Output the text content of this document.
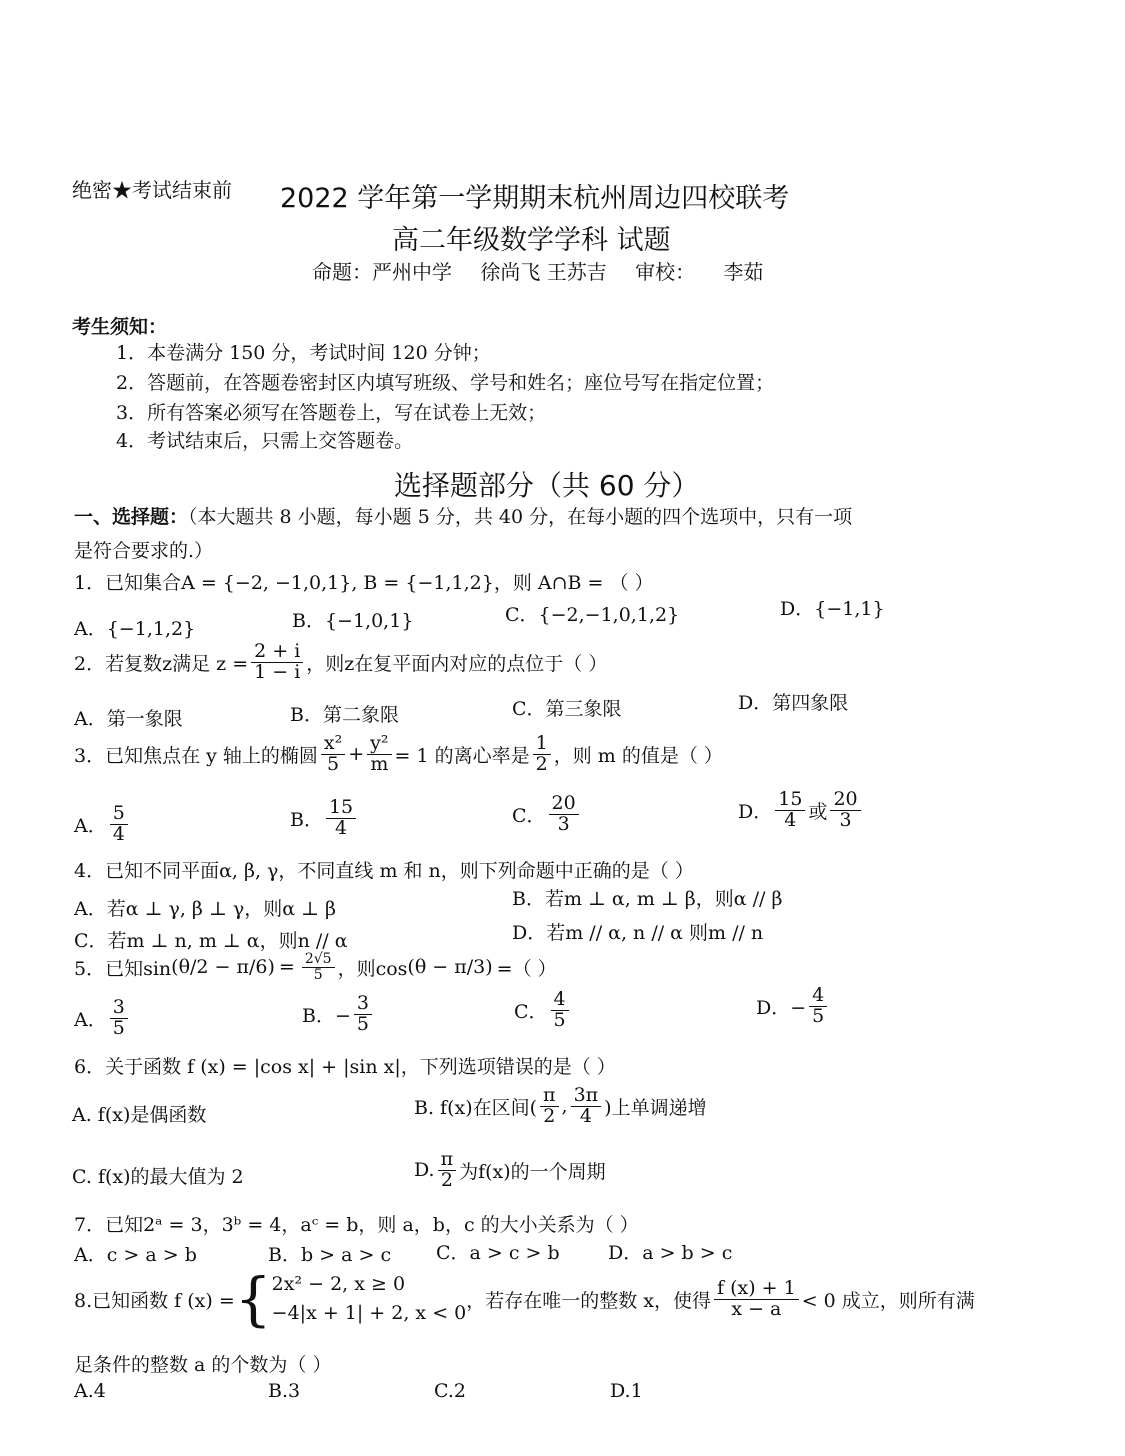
绝密★考试结束前 2022 学年第一学期期末杭州周边四校联考
高二年级数学学科 试题
命题：严州中学 徐尚飞 王苏吉 审校： 李茹
考生须知：
1．本卷满分 150 分，考试时间 120 分钟；
2．答题前，在答题卷密封区内填写班级、学号和姓名；座位号写在指定位置；
3．所有答案必须写在答题卷上，写在试卷上无效；
4．考试结束后，只需上交答题卷。
选择题部分（共 60 分）
一、选择题：（本大题共 8 小题，每小题 5 分，共 40 分，在每小题的四个选项中，只有一项
是符合要求的.）
1．已知集合A = {−2, −1,0,1}, B = {−1,1,2}，则 A∩B = （ ）
A．{−1,1,2}	B．{−1,0,1}	C．{−2,−1,0,1,2}	D．{−1,1}
2．若复数z满足 $z = \frac{2 + i}{1 - i}$ ，则z在复平面内对应的点位于（ ）
A．第一象限	B．第二象限	C．第三象限	D．第四象限
3．已知焦点在 y 轴上的椭圆 $\frac{\text{x²}}{5} + \frac{\text{y²}}{m} = 1$ 的离心率是 $\frac{1}{2}$ ，则 m 的值是（ ）
A． $\frac{5}{4}$	B． $\frac{15}{4}$	C． $\frac{20}{3}$	D． $\frac{15}{4}$ 或 $\frac{20}{3}$
4．已知不同平面α, β, γ，不同直线 m 和 n，则下列命题中正确的是（ ）
A．若α ⊥ γ, β ⊥ γ，则α ⊥ β	B．若m ⊥ α, m ⊥ β，则α // β
C．若m ⊥ n, m ⊥ α，则n // α	D．若m // α, n // α 则m // n
5．已知$\sin (\theta/2 - \pi/6) = \frac{2√5}{5}$ ，则cos (θ − π/3) =（ ）
A． $\frac{3}{5}$	B．− $\frac{3}{5}$	C． $\frac{4}{5}$	D．− $\frac{4}{5}$
6．关于函数 f (x) = |cos x| + |sin x|，下列选项错误的是（ ）
A. f(x)是偶函数	B. f(x)在区间( $\frac{\pi}{2}$ , $\frac{3\pi}{4}$ )上单调递增
C. f(x)的最大值为 2	D. $\frac{\pi}{2}$ 为f(x)的一个周期
7．已知2ᵃ = 3，3ᵇ = 4，aᶜ = b，则 a，b，c 的大小关系为（ ）
A．c > a > b	B．b > a > c C．a > c > b	D．a > b > c
8.已知函数 f (x) = { 2x² − 2, x ≥ 0
−4|x + 1| + 2, x < 0
，若存在唯一的整数 x，使得 $\frac{f (x) + 1}{x - a} < 0$ 成立，则所有满
足条件的整数 a 的个数为（ ）
A.4	B.3	C.2	D.1
